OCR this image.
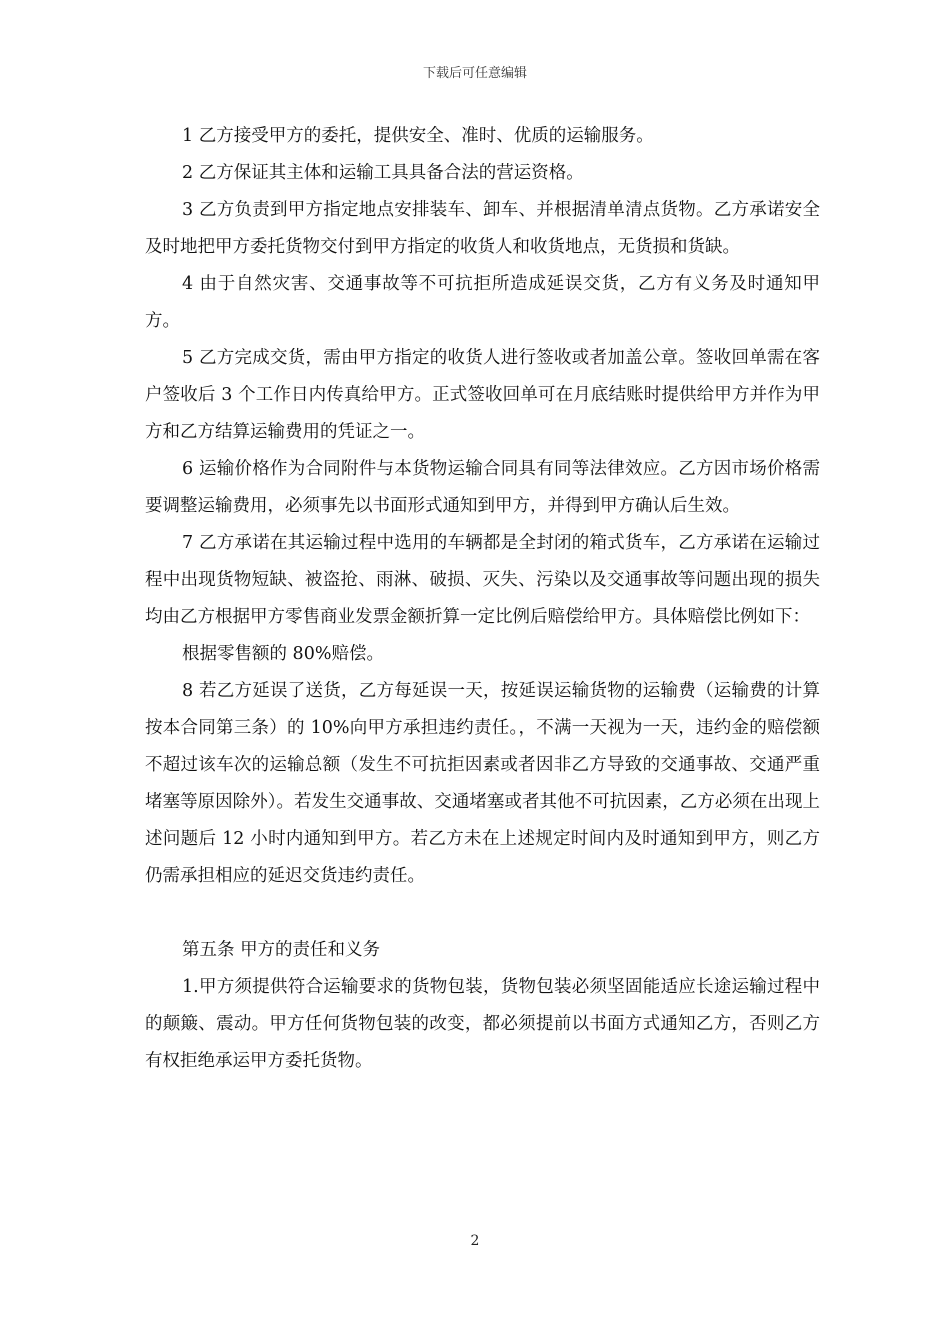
下载后可任意编辑

1 乙方接受甲方的委托，提供安全、准时、优质的运输服务。

2 乙方保证其主体和运输工具具备合法的营运资格。

3 乙方负责到甲方指定地点安排装车、卸车、并根据清单清点货物。乙方承诺安全及时地把甲方委托货物交付到甲方指定的收货人和收货地点，无货损和货缺。

4 由于自然灾害、交通事故等不可抗拒所造成延误交货，乙方有义务及时通知甲方。

5 乙方完成交货，需由甲方指定的收货人进行签收或者加盖公章。签收回单需在客户签收后 3 个工作日内传真给甲方。正式签收回单可在月底结账时提供给甲方并作为甲方和乙方结算运输费用的凭证之一。

6 运输价格作为合同附件与本货物运输合同具有同等法律效应。乙方因市场价格需要调整运输费用，必须事先以书面形式通知到甲方，并得到甲方确认后生效。

7 乙方承诺在其运输过程中选用的车辆都是全封闭的箱式货车，乙方承诺在运输过程中出现货物短缺、被盗抢、雨淋、破损、灭失、污染以及交通事故等问题出现的损失均由乙方根据甲方零售商业发票金额折算一定比例后赔偿给甲方。具体赔偿比例如下：

根据零售额的 80%赔偿。

8 若乙方延误了送货，乙方每延误一天，按延误运输货物的运输费（运输费的计算按本合同第三条）的 10%向甲方承担违约责任。，不满一天视为一天，违约金的赔偿额不超过该车次的运输总额（发生不可抗拒因素或者因非乙方导致的交通事故、交通严重堵塞等原因除外）。若发生交通事故、交通堵塞或者其他不可抗因素，乙方必须在出现上述问题后 12 小时内通知到甲方。若乙方未在上述规定时间内及时通知到甲方，则乙方仍需承担相应的延迟交货违约责任。

第五条 甲方的责任和义务

1.甲方须提供符合运输要求的货物包装，货物包装必须坚固能适应长途运输过程中的颠簸、震动。甲方任何货物包装的改变，都必须提前以书面方式通知乙方，否则乙方有权拒绝承运甲方委托货物。

2
